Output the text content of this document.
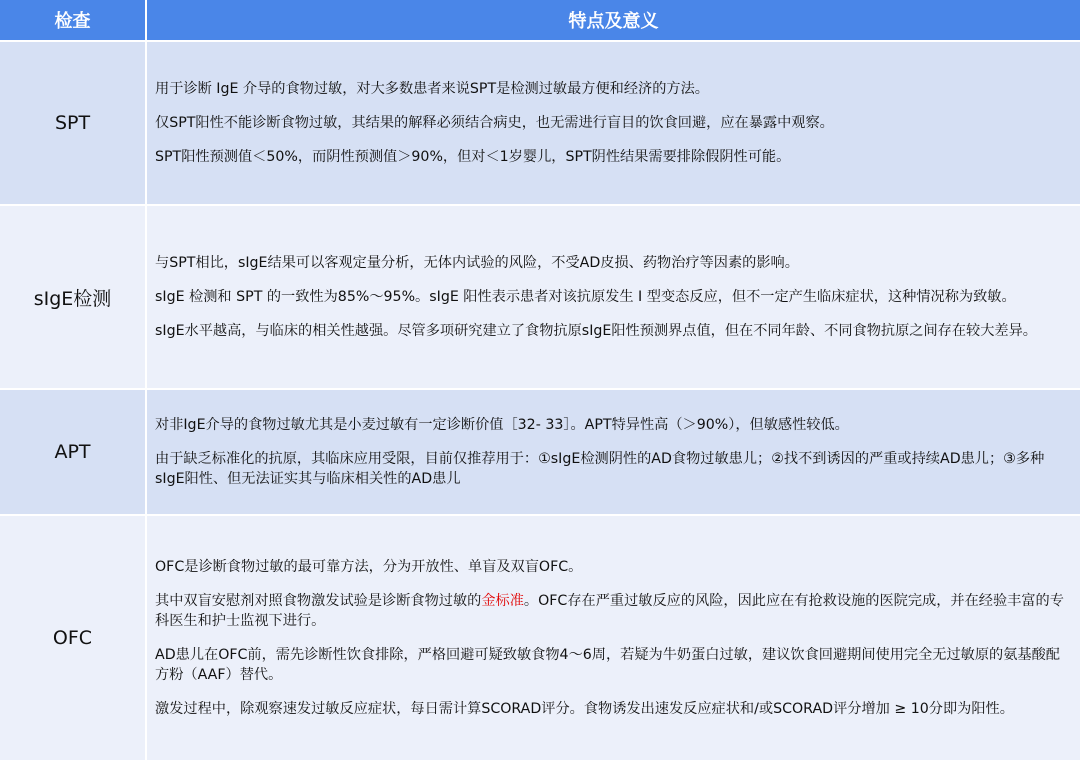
检查	特点及意义
SPT	用于诊断 IgE 介导的食物过敏，对大多数患者来说SPT是检测过敏最方便和经济的方法。

仅SPT阳性不能诊断食物过敏，其结果的解释必须结合病史，也无需进行盲目的饮食回避，应在暴露中观察。

SPT阳性预测值＜50%，而阴性预测值＞90%，但对＜1岁婴儿，SPT阴性结果需要排除假阴性可能。

sIgE检测	与SPT相比，sIgE结果可以客观定量分析，无体内试验的风险，不受AD皮损、药物治疗等因素的影响。

sIgE 检测和 SPT 的一致性为85%～95%。sIgE 阳性表示患者对该抗原发生 Ⅰ 型变态反应，但不一定产生临床症状，这种情况称为致敏。

sIgE水平越高，与临床的相关性越强。尽管多项研究建立了食物抗原sIgE阳性预测界点值，但在不同年龄、不同食物抗原之间存在较大差异。

APT	对非IgE介导的食物过敏尤其是小麦过敏有一定诊断价值［32‐ 33］。APT特异性高（＞90%），但敏感性较低。

由于缺乏标准化的抗原，其临床应用受限，目前仅推荐用于：①sIgE检测阴性的AD食物过敏患儿；②找不到诱因的严重或持续AD患儿；③多种sIgE阳性、但无法证实其与临床相关性的AD患儿

OFC	OFC是诊断食物过敏的最可靠方法，分为开放性、单盲及双盲OFC。

其中双盲安慰剂对照食物激发试验是诊断食物过敏的金标准。OFC存在严重过敏反应的风险，因此应在有抢救设施的医院完成，并在经验丰富的专科医生和护士监视下进行。

AD患儿在OFC前，需先诊断性饮食排除，严格回避可疑致敏食物4～6周，若疑为牛奶蛋白过敏，建议饮食回避期间使用完全无过敏原的氨基酸配方粉（AAF）替代。

激发过程中，除观察速发过敏反应症状，每日需计算SCORAD评分。食物诱发出速发反应症状和/或SCORAD评分增加 ≥ 10分即为阳性。
